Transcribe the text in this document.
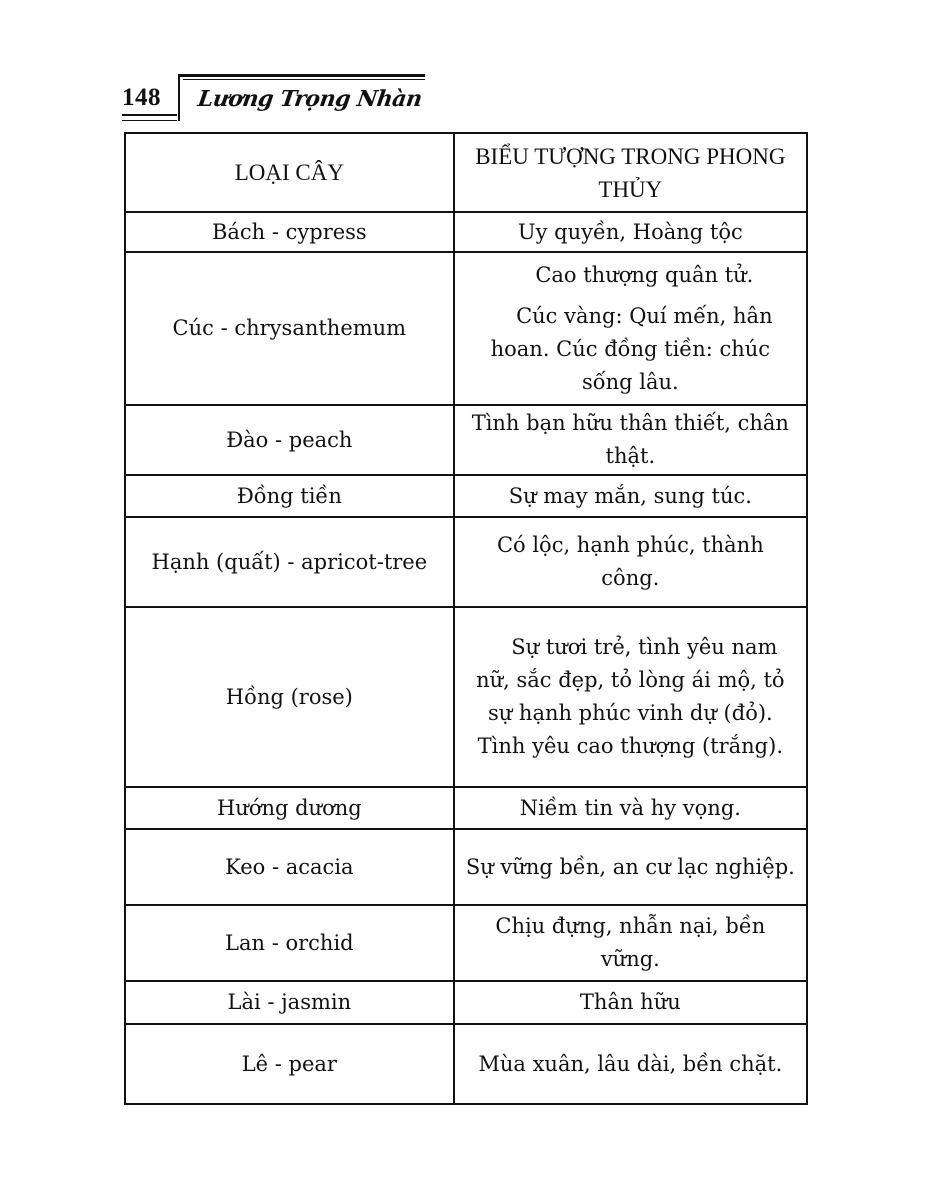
148 Lương Trọng Nhàn
LOẠI CÂY	BIỂU TƯỢNG TRONG PHONG THỦY
Bách - cypress	Uy quyền, Hoàng tộc

Cúc - chrysanthemum	Cao thượng quân tử.

Cúc vàng: Quí mến, hân hoan. Cúc đồng tiền: chúc sống lâu.

Đào - peach	Tình bạn hữu thân thiết, chân thật.

Đồng tiền	Sự may mắn, sung túc.

Hạnh (quất) - apricot-tree	Có lộc, hạnh phúc, thành công.

Hồng (rose)	Sự tươi trẻ, tình yêu nam nữ, sắc đẹp, tỏ lòng ái mộ, tỏ sự hạnh phúc vinh dự (đỏ). Tình yêu cao thượng (trắng).

Hướng dương	Niềm tin và hy vọng.

Keo - acacia	Sự vững bền, an cư lạc nghiệp.

Lan - orchid	Chịu đựng, nhẫn nại, bền vững.

Lài - jasmin	Thân hữu

Lê - pear	Mùa xuân, lâu dài, bền chặt.
